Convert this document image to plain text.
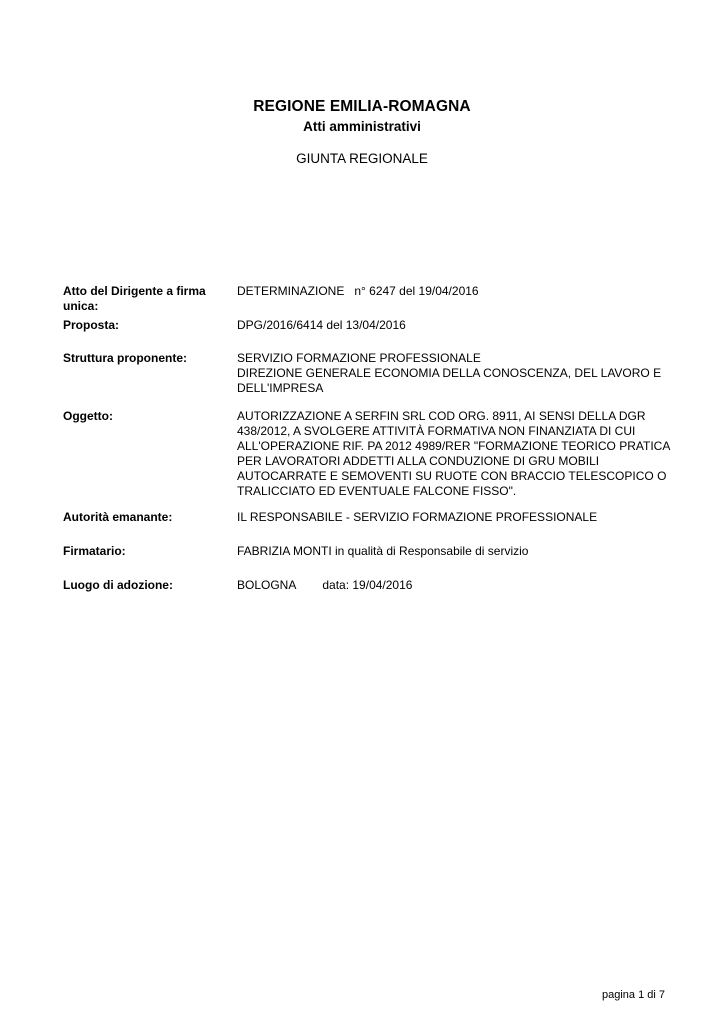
REGIONE EMILIA-ROMAGNA
Atti amministrativi
GIUNTA REGIONALE
Atto del Dirigente a firma unica:
DETERMINAZIONE n° 6247 del 19/04/2016
Proposta:	DPG/2016/6414 del 13/04/2016
Struttura proponente:	SERVIZIO FORMAZIONE PROFESSIONALE
DIREZIONE GENERALE ECONOMIA DELLA CONOSCENZA, DEL LAVORO E DELL'IMPRESA
Oggetto:	AUTORIZZAZIONE A SERFIN SRL COD ORG. 8911, AI SENSI DELLA DGR 438/2012, A SVOLGERE ATTIVITÀ FORMATIVA NON FINANZIATA DI CUI ALL'OPERAZIONE RIF. PA 2012 4989/RER "FORMAZIONE TEORICO PRATICA PER LAVORATORI ADDETTI ALLA CONDUZIONE DI GRU MOBILI AUTOCARRATE E SEMOVENTI SU RUOTE CON BRACCIO TELESCOPICO O TRALICCIATO ED EVENTUALE FALCONE FISSO".
Autorità emanante:	IL RESPONSABILE - SERVIZIO FORMAZIONE PROFESSIONALE
Firmatario:	FABRIZIA MONTI in qualità di Responsabile di servizio
Luogo di adozione:	BOLOGNA data: 19/04/2016
pagina 1 di 7
